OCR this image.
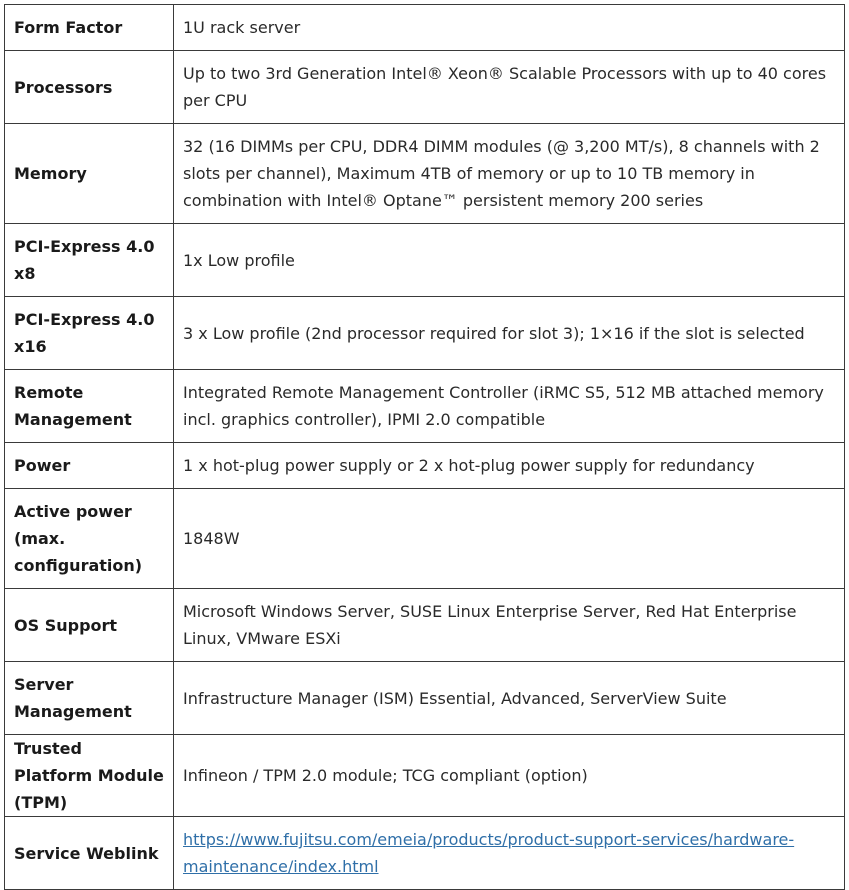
Form Factor	1U rack server
Processors	Up to two 3rd Generation Intel® Xeon® Scalable Processors with up to 40 cores per CPU
Memory	32 (16 DIMMs per CPU, DDR4 DIMM modules (@ 3,200 MT/s), 8 channels with 2 slots per channel), Maximum 4TB of memory or up to 10 TB memory in combination with Intel® Optane™ persistent memory 200 series
PCI-Express 4.0 x8	1x Low profile
PCI-Express 4.0 x16	3 x Low profile (2nd processor required for slot 3); 1×16 if the slot is selected
Remote Management	Integrated Remote Management Controller (iRMC S5, 512 MB attached memory incl. graphics controller), IPMI 2.0 compatible
Power	1 x hot-plug power supply or 2 x hot-plug power supply for redundancy
Active power (max. configuration)	1848W
OS Support	Microsoft Windows Server, SUSE Linux Enterprise Server, Red Hat Enterprise Linux, VMware ESXi
Server Management	Infrastructure Manager (ISM) Essential, Advanced, ServerView Suite
Trusted Platform Module (TPM)	Infineon / TPM 2.0 module; TCG compliant (option)
Service Weblink	https://www.fujitsu.com/emeia/products/product-support-services/hardware-maintenance/index.html
